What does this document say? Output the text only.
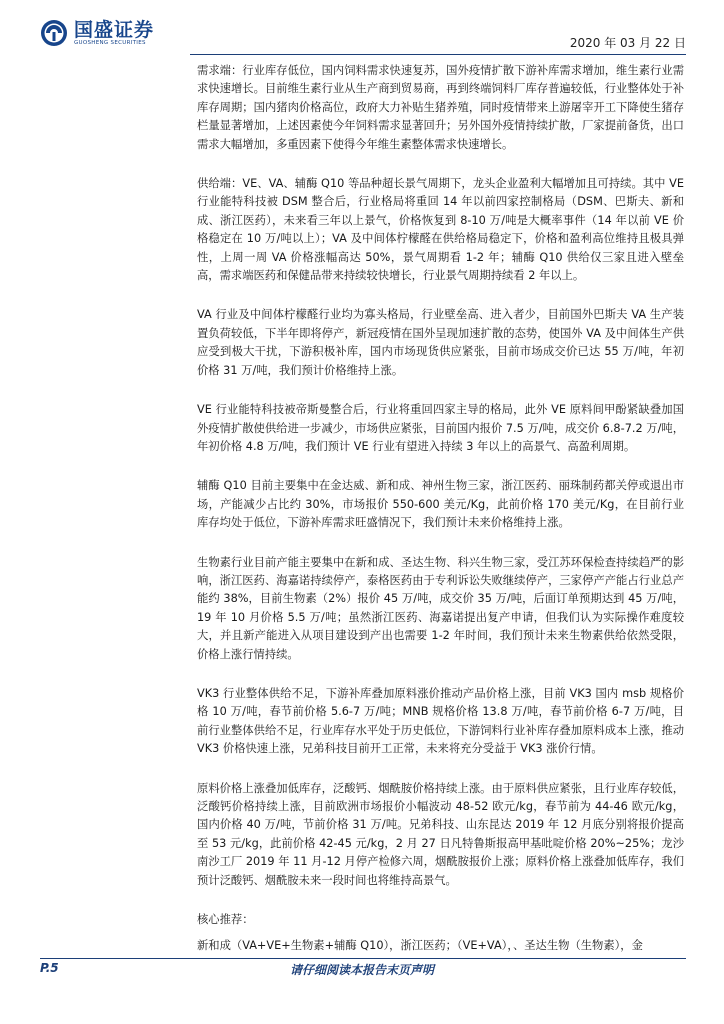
国盛证券
GUOSHENG SECURITIES	2020 年 03 月 22 日

需求端：行业库存低位，国内饲料需求快速复苏，国外疫情扩散下游补库需求增加，维生素行业需求快速增长。目前维生素行业从生产商到贸易商，再到终端饲料厂库存普遍较低，行业整体处于补库存周期；国内猪肉价格高位，政府大力补贴生猪养殖，同时疫情带来上游屠宰开工下降使生猪存栏量显著增加，上述因素使今年饲料需求显著回升；另外国外疫情持续扩散，厂家提前备货，出口需求大幅增加，多重因素下使得今年维生素整体需求快速增长。

供给端：VE、VA、辅酶 Q10 等品种超长景气周期下，龙头企业盈利大幅增加且可持续。其中 VE 行业能特科技被 DSM 整合后，行业格局将重回 14 年以前四家控制格局（DSM、巴斯夫、新和成、浙江医药），未来看三年以上景气，价格恢复到 8-10 万/吨是大概率事件（14 年以前 VE 价格稳定在 10 万/吨以上）；VA 及中间体柠檬醛在供给格局稳定下，价格和盈利高位维持且极具弹性，上周一周 VA 价格涨幅高达 50%，景气周期看 1-2 年；辅酶 Q10 供给仅三家且进入壁垒高，需求端医药和保健品带来持续较快增长，行业景气周期持续看 2 年以上。

VA 行业及中间体柠檬醛行业均为寡头格局，行业壁垒高、进入者少，目前国外巴斯夫 VA 生产装置负荷较低，下半年即将停产，新冠疫情在国外呈现加速扩散的态势，使国外 VA 及中间体生产供应受到极大干扰，下游积极补库，国内市场现货供应紧张，目前市场成交价已达 55 万/吨，年初价格 31 万/吨，我们预计价格维持上涨。

VE 行业能特科技被帝斯曼整合后，行业将重回四家主导的格局，此外 VE 原料间甲酚紧缺叠加国外疫情扩散使供给进一步减少，市场供应紧张，目前国内报价 7.5 万/吨，成交价 6.8-7.2 万/吨，年初价格 4.8 万/吨，我们预计 VE 行业有望进入持续 3 年以上的高景气、高盈利周期。

辅酶 Q10 目前主要集中在金达威、新和成、神州生物三家，浙江医药、丽珠制药都关停或退出市场，产能减少占比约 30%，市场报价 550-600 美元/Kg，此前价格 170 美元/Kg，在目前行业库存均处于低位，下游补库需求旺盛情况下，我们预计未来价格维持上涨。

生物素行业目前产能主要集中在新和成、圣达生物、科兴生物三家，受江苏环保检查持续趋严的影响，浙江医药、海嘉诺持续停产，泰格医药由于专利诉讼失败继续停产，三家停产产能占行业总产能约 38%，目前生物素（2%）报价 45 万/吨，成交价 35 万/吨，后面订单预期达到 45 万/吨，19 年 10 月价格 5.5 万/吨；虽然浙江医药、海嘉诺提出复产申请，但我们认为实际操作难度较大，并且新产能进入从项目建设到产出也需要 1-2 年时间，我们预计未来生物素供给依然受限，价格上涨行情持续。

VK3 行业整体供给不足，下游补库叠加原料涨价推动产品价格上涨，目前 VK3 国内 msb 规格价格 10 万/吨，春节前价格 5.6-7 万/吨；MNB 规格价格 13.8 万/吨，春节前价格 6-7 万/吨，目前行业整体供给不足，行业库存水平处于历史低位，下游饲料行业补库存叠加原料成本上涨，推动 VK3 价格快速上涨，兄弟科技目前开工正常，未来将充分受益于 VK3 涨价行情。

原料价格上涨叠加低库存，泛酸钙、烟酰胺价格持续上涨。由于原料供应紧张，且行业库存较低，泛酸钙价格持续上涨，目前欧洲市场报价小幅波动 48-52 欧元/kg，春节前为 44-46 欧元/kg，国内价格 40 万/吨，节前价格 31 万/吨。兄弟科技、山东昆达 2019 年 12 月底分别将报价提高至 53 元/kg，此前价格 42-45 元/kg，2 月 27 日凡特鲁斯报高甲基吡啶价格 20%~25%；龙沙南沙工厂 2019 年 11 月-12 月停产检修六周，烟酰胺报价上涨；原料价格上涨叠加低库存，我们预计泛酸钙、烟酰胺未来一段时间也将维持高景气。

核心推荐：

新和成（VA+VE+生物素+辅酶 Q10），浙江医药；（VE+VA），、圣达生物（生物素），金

P.5	请仔细阅读本报告末页声明
